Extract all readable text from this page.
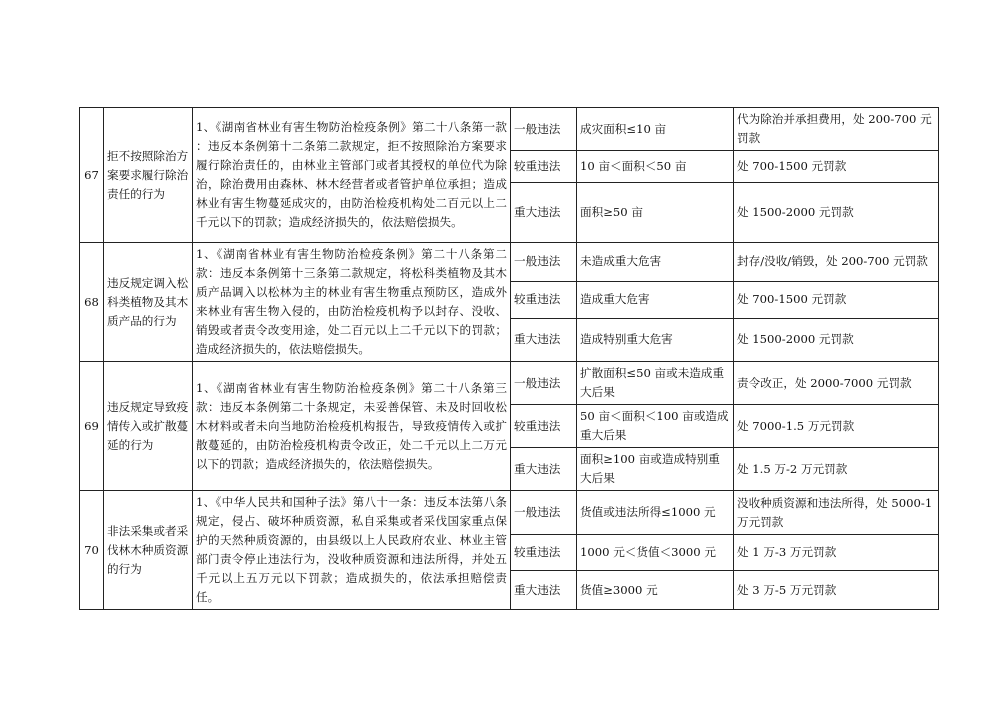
67	拒不按照除治方案要求履行除治责任的行为	1、《湖南省林业有害生物防治检疫条例》第二十八条第一款 ：违反本条例第十二条第二款规定，拒不按照除治方案要求履行除治责任的，由林业主管部门或者其授权的单位代为除治，除治费用由森林、林木经营者或者管护单位承担；造成林业有害生物蔓延成灾的，由防治检疫机构处二百元以上二千元以下的罚款；造成经济损失的，依法赔偿损失。	一般违法	成灾面积≤10 亩	代为除治并承担费用，处 200-700 元罚款
			较重违法	10 亩＜面积＜50 亩	处 700-1500 元罚款
			重大违法	面积≥50 亩	处 1500-2000 元罚款
68	违反规定调入松科类植物及其木质产品的行为	1、《湖南省林业有害生物防治检疫条例》第二十八条第二款：违反本条例第十三条第二款规定，将松科类植物及其木质产品调入以松林为主的林业有害生物重点预防区，造成外来林业有害生物入侵的，由防治检疫机构予以封存、没收、销毁或者责令改变用途，处二百元以上二千元以下的罚款；造成经济损失的，依法赔偿损失。	一般违法	未造成重大危害	封存/没收/销毁，处 200-700 元罚款
			较重违法	造成重大危害	处 700-1500 元罚款
			重大违法	造成特别重大危害	处 1500-2000 元罚款
69	违反规定导致疫情传入或扩散蔓延的行为	1、《湖南省林业有害生物防治检疫条例》第二十八条第三款：违反本条例第二十条规定，未妥善保管、未及时回收松木材料或者未向当地防治检疫机构报告，导致疫情传入或扩散蔓延的，由防治检疫机构责令改正，处二千元以上二万元以下的罚款；造成经济损失的，依法赔偿损失。	一般违法	扩散面积≤50 亩或未造成重大后果	责令改正，处 2000-7000 元罚款
			较重违法	50 亩＜面积＜100 亩或造成重大后果	处 7000-1.5 万元罚款
			重大违法	面积≥100 亩或造成特别重大后果	处 1.5 万-2 万元罚款
70	非法采集或者采伐林木种质资源的行为	1、《中华人民共和国种子法》第八十一条：违反本法第八条规定，侵占、破坏种质资源，私自采集或者采伐国家重点保护的天然种质资源的，由县级以上人民政府农业、林业主管部门责令停止违法行为，没收种质资源和违法所得，并处五千元以上五万元以下罚款；造成损失的，依法承担赔偿责任。	一般违法	货值或违法所得≤1000 元	没收种质资源和违法所得，处 5000-1 万元罚款
			较重违法	1000 元＜货值＜3000 元	处 1 万-3 万元罚款
			重大违法	货值≥3000 元	处 3 万-5 万元罚款
